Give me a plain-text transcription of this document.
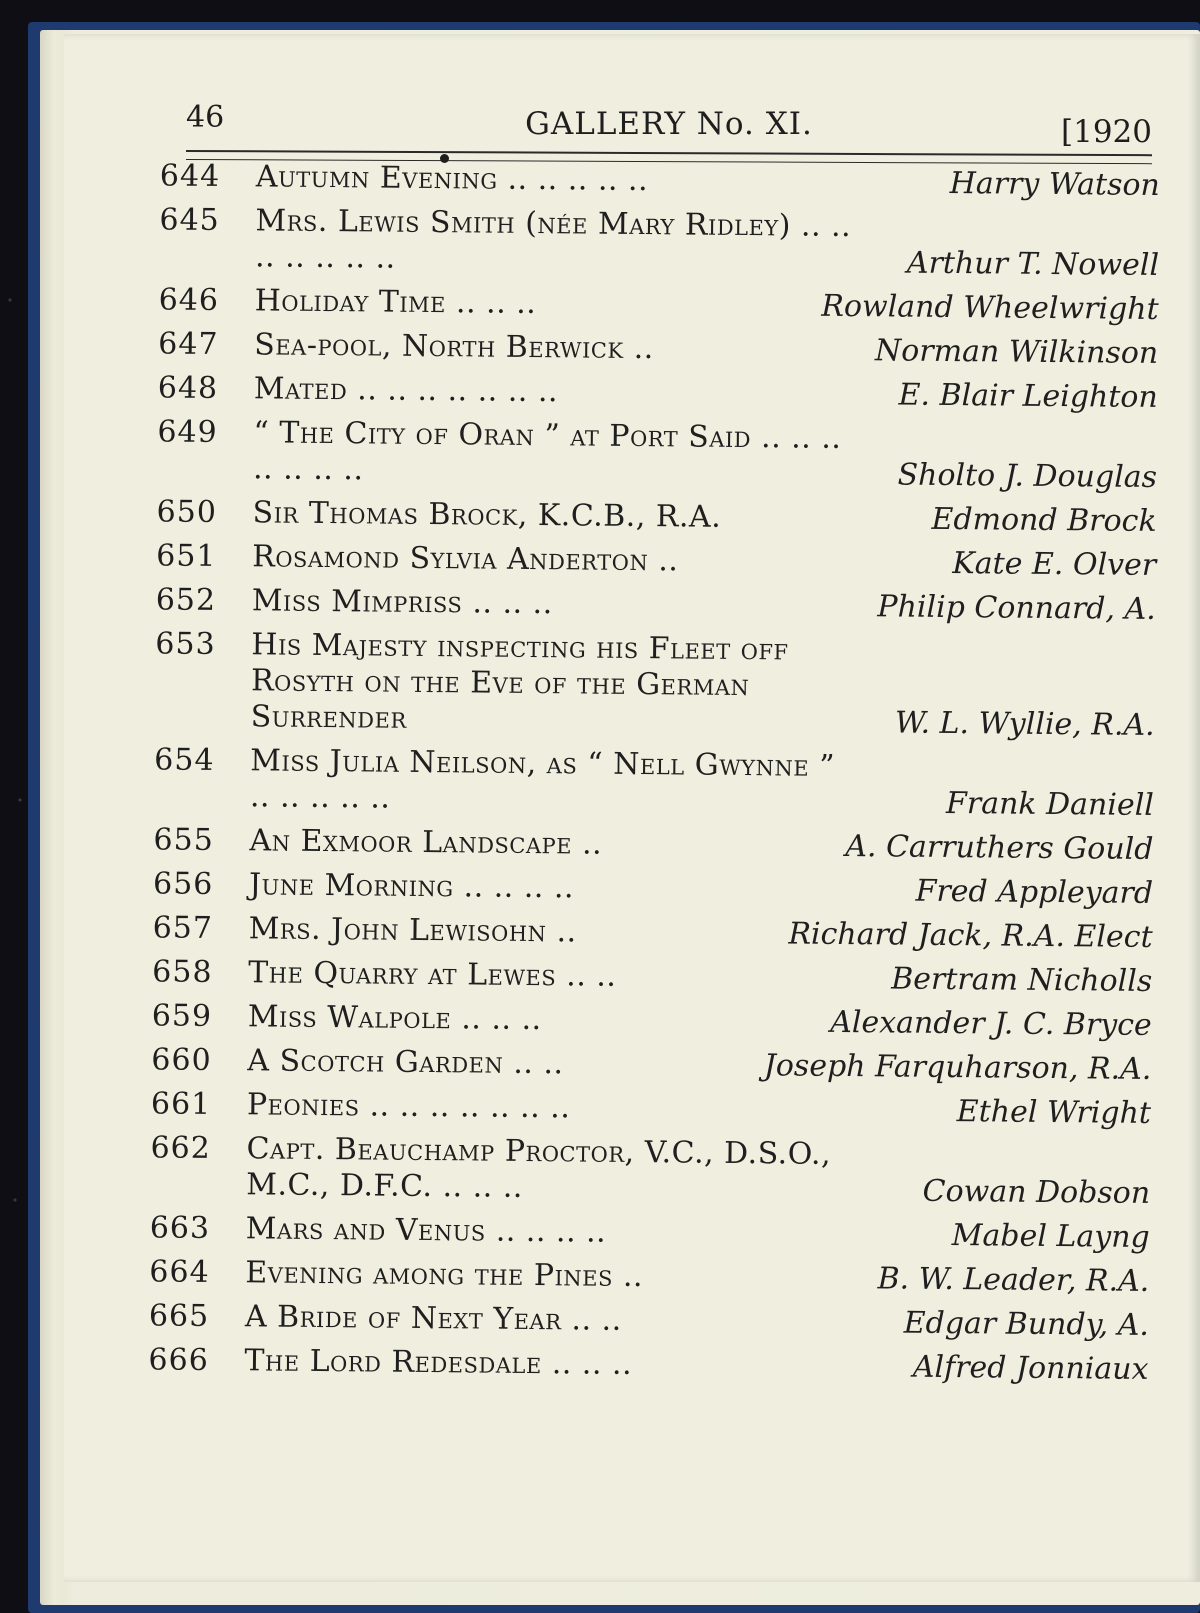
46	GALLERY No. XI.	[1920
644	Autumn Evening .. .. .. .. ..	Harry Watson
645	Mrs. Lewis Smith (née Mary Ridley) .. .. .. .. .. .. ..	Arthur T. Nowell
646	Holiday Time .. .. ..	Rowland Wheelwright
647	Sea-pool, North Berwick ..	Norman Wilkinson
648	Mated .. .. .. .. .. .. ..	E. Blair Leighton
649	“ The City of Oran ” at Port Said .. .. .. .. .. .. ..	Sholto J. Douglas
650	Sir Thomas Brock, K.C.B., R.A.	Edmond Brock
651	Rosamond Sylvia Anderton ..	Kate E. Olver
652	Miss Mimpriss .. .. ..	Philip Connard, A.
653	His Majesty inspecting his Fleet off Rosyth on the Eve of the German Surrender	W. L. Wyllie, R.A.
654	Miss Julia Neilson, as “ Nell Gwynne ” .. .. .. .. ..	Frank Daniell
655	An Exmoor Landscape ..	A. Carruthers Gould
656	June Morning .. .. .. ..	Fred Appleyard
657	Mrs. John Lewisohn ..	Richard Jack, R.A. Elect
658	The Quarry at Lewes .. ..	Bertram Nicholls
659	Miss Walpole .. .. ..	Alexander J. C. Bryce
660	A Scotch Garden .. ..	Joseph Farquharson, R.A.
661	Peonies .. .. .. .. .. .. ..	Ethel Wright
662	Capt. Beauchamp Proctor, V.C., D.S.O., M.C., D.F.C. .. .. ..	Cowan Dobson
663	Mars and Venus .. .. .. ..	Mabel Layng
664	Evening among the Pines ..	B. W. Leader, R.A.
665	A Bride of Next Year .. ..	Edgar Bundy, A.
666	The Lord Redesdale .. .. ..	Alfred Jonniaux
